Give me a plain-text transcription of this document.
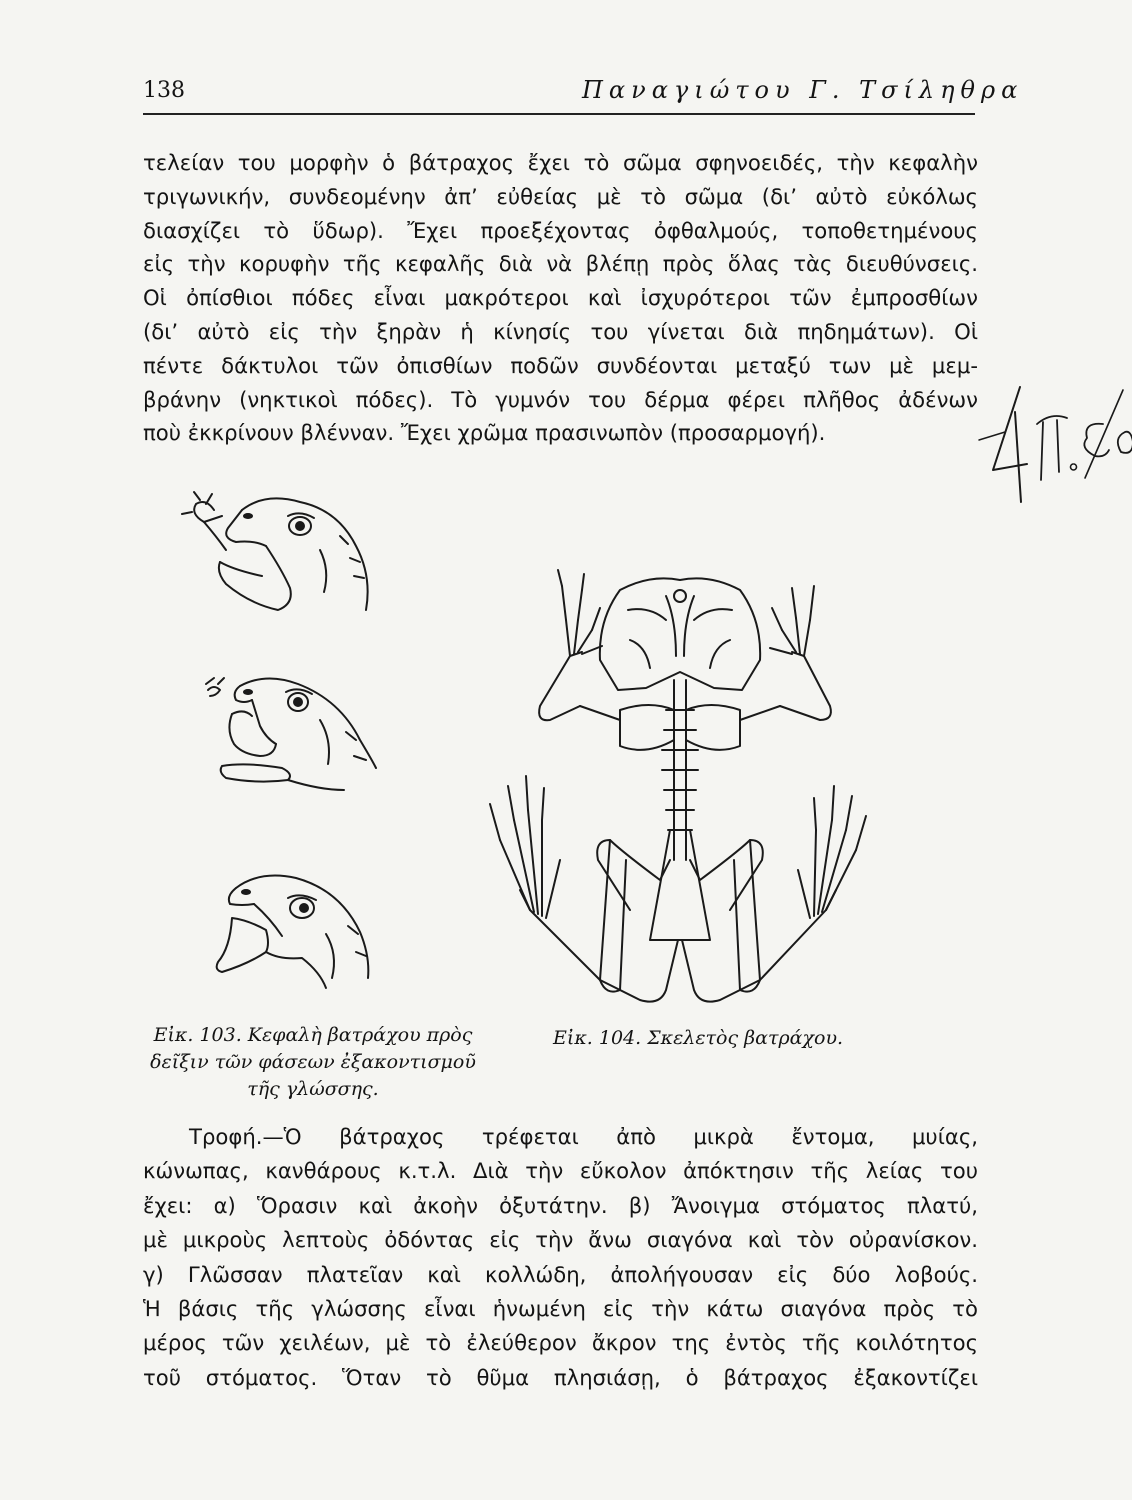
138	Παναγιώτου Γ. Τσίληθρα

τελείαν του μορφὴν ὁ βάτραχος ἔχει τὸ σῶμα σφηνοειδές, τὴν κεφαλὴν
τριγωνικήν, συνδεομένην ἀπ’ εὐθείας μὲ τὸ σῶμα (δι’ αὐτὸ εὐκόλως
διασχίζει τὸ ὕδωρ). Ἔχει προεξέχοντας ὀφθαλμούς, τοποθετημένους
εἰς τὴν κορυφὴν τῆς κεφαλῆς διὰ νὰ βλέπῃ πρὸς ὅλας τὰς διευθύνσεις.
Οἱ ὀπίσθιοι πόδες εἶναι μακρότεροι καὶ ἰσχυρότεροι τῶν ἐμπροσθίων
(δι’ αὐτὸ εἰς τὴν ξηρὰν ἡ κίνησίς του γίνεται διὰ πηδημάτων). Οἱ
πέντε δάκτυλοι τῶν ὀπισθίων ποδῶν συνδέονται μεταξύ των μὲ μεμ-
βράνην (νηκτικοὶ πόδες). Τὸ γυμνόν του δέρμα φέρει πλῆθος ἀδένων
ποὺ ἐκκρίνουν βλένναν. Ἔχει χρῶμα πρασινωπὸν (προσαρμογή).

Εἰκ. 103. Κεφαλὴ βατράχου πρὸς
δεῖξιν τῶν φάσεων ἐξακοντισμοῦ
τῆς γλώσσης.
Εἰκ. 104. Σκελετὸς βατράχου.

Τροφή.—Ὁ βάτραχος τρέφεται ἀπὸ μικρὰ ἔντομα, μυίας,
κώνωπας, κανθάρους κ.τ.λ. Διὰ τὴν εὔκολον ἀπόκτησιν τῆς λείας του
ἔχει: α) Ὅρασιν καὶ ἀκοὴν ὀξυτάτην. β) Ἄνοιγμα στόματος πλατύ,
μὲ μικροὺς λεπτοὺς ὀδόντας εἰς τὴν ἄνω σιαγόνα καὶ τὸν οὐρανίσκον.
γ) Γλῶσσαν πλατεῖαν καὶ κολλώδη, ἀπολήγουσαν εἰς δύο λοβούς.
Ἡ βάσις τῆς γλώσσης εἶναι ἡνωμένη εἰς τὴν κάτω σιαγόνα πρὸς τὸ
μέρος τῶν χειλέων, μὲ τὸ ἐλεύθερον ἄκρον της ἐντὸς τῆς κοιλότητος
τοῦ στόματος. Ὅταν τὸ θῦμα πλησιάσῃ, ὁ βάτραχος ἐξακοντίζει
